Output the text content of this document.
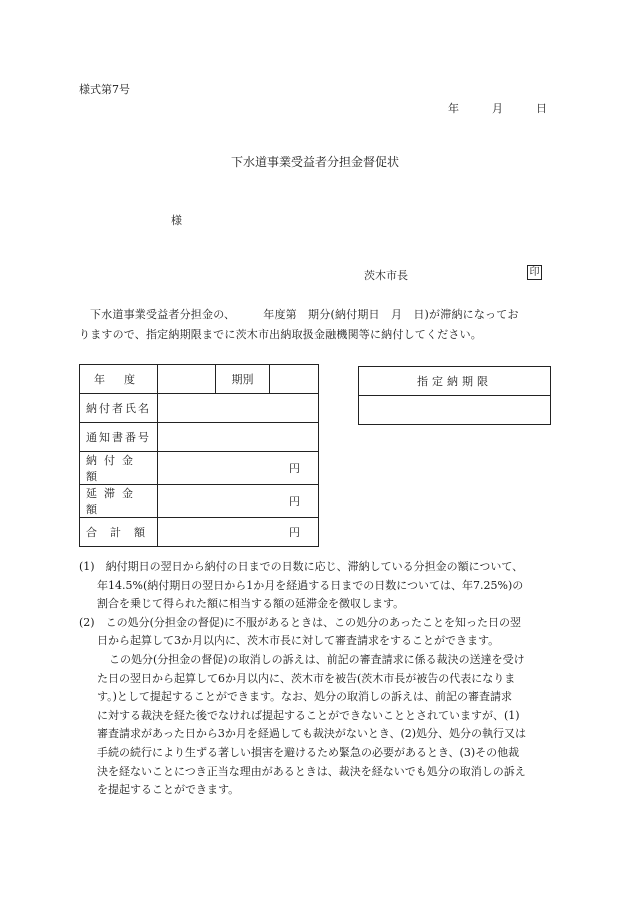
様式第7号
年	月	日
下水道事業受益者分担金督促状
様
茨木市長	印
下水道事業受益者分担金の、　　　年度第　期分(納付期日　月　日)が滞納になってお
りますので、指定納期限までに茨木市出納取扱金融機関等に納付してください。
年　度		期別	
納付者氏名			
通知書番号			
納付金額	円		
延滞金額	円		
合　計　額	円		
指定納期限

(1)　納付期日の翌日から納付の日までの日数に応じ、滞納している分担金の額について、
年14.5%(納付期日の翌日から1か月を経過する日までの日数については、年7.25%)の
割合を乗じて得られた額に相当する額の延滞金を徴収します。
(2)　この処分(分担金の督促)に不服があるときは、この処分のあったことを知った日の翌
日から起算して3か月以内に、茨木市長に対して審査請求をすることができます。
この処分(分担金の督促)の取消しの訴えは、前記の審査請求に係る裁決の送達を受け
た日の翌日から起算して6か月以内に、茨木市を被告(茨木市長が被告の代表になりま
す。)として提起することができます。なお、処分の取消しの訴えは、前記の審査請求
に対する裁決を経た後でなければ提起することができないこととされていますが、(1)
審査請求があった日から3か月を経過しても裁決がないとき、(2)処分、処分の執行又は
手続の続行により生ずる著しい損害を避けるため緊急の必要があるとき、(3)その他裁
決を経ないことにつき正当な理由があるときは、裁決を経ないでも処分の取消しの訴え
を提起することができます。
